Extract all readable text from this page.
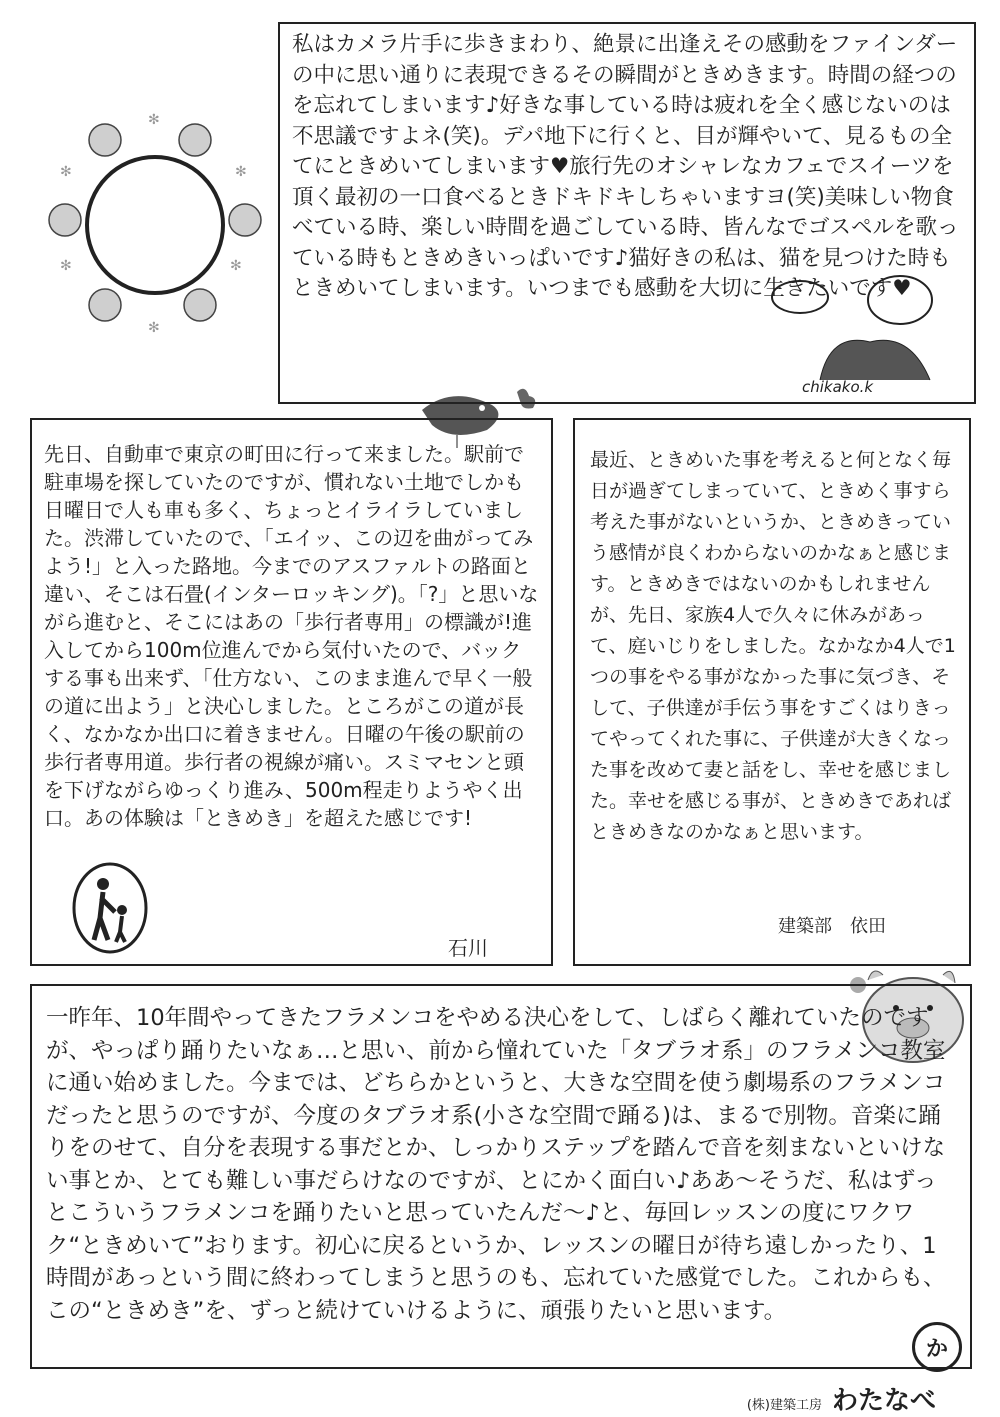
✻
✻	✻
✻	✻
✻
私はカメラ片手に歩きまわり、絶景に出逢えその感動をファインダーの中に思い通りに表現できるその瞬間がときめきます。時間の経つのを忘れてしまいます♪好きな事している時は疲れを全く感じないのは不思議ですよネ(笑)。デパ地下に行くと、目が輝やいて、見るもの全てにときめいてしまいます♥旅行先のオシャレなカフェでスイーツを頂く最初の一口食べるときドキドキしちゃいますヨ(笑)美味しい物食べている時、楽しい時間を過ごしている時、皆んなでゴスペルを歌っている時もときめきいっぱいです♪猫好きの私は、猫を見つけた時もときめいてしまいます。いつまでも感動を大切に生きたいです♥
chikako.k
先日、自動車で東京の町田に行って来ました。駅前で駐車場を探していたのですが、慣れない土地でしかも日曜日で人も車も多く、ちょっとイライラしていました。渋滞していたので、「エイッ、この辺を曲がってみよう!」と入った路地。今までのアスファルトの路面と違い、そこは石畳(インターロッキング)。「?」と思いながら進むと、そこにはあの「歩行者専用」の標識が!進入してから100m位進んでから気付いたので、バックする事も出来ず、「仕方ない、このまま進んで早く一般の道に出よう」と決心しました。ところがこの道が長く、なかなか出口に着きません。日曜の午後の駅前の歩行者専用道。歩行者の視線が痛い。スミマセンと頭を下げながらゆっくり進み、500m程走りようやく出口。あの体験は「ときめき」を超えた感じです!
石川
最近、ときめいた事を考えると何となく毎日が過ぎてしまっていて、ときめく事すら考えた事がないというか、ときめきっていう感情が良くわからないのかなぁと感じます。ときめきではないのかもしれませんが、先日、家族4人で久々に休みがあって、庭いじりをしました。なかなか4人で1つの事をやる事がなかった事に気づき、そして、子供達が手伝う事をすごくはりきってやってくれた事に、子供達が大きくなった事を改めて妻と話をし、幸せを感じました。幸せを感じる事が、ときめきであればときめきなのかなぁと思います。
建築部　依田
一昨年、10年間やってきたフラメンコをやめる決心をして、しばらく離れていたのですが、やっぱり踊りたいなぁ…と思い、前から憧れていた「タブラオ系」のフラメンコ教室に通い始めました。今までは、どちらかというと、大きな空間を使う劇場系のフラメンコだったと思うのですが、今度のタブラオ系(小さな空間で踊る)は、まるで別物。音楽に踊りをのせて、自分を表現する事だとか、しっかりステップを踏んで音を刻まないといけない事とか、とても難しい事だらけなのですが、とにかく面白い♪ああ～そうだ、私はずっとこういうフラメンコを踊りたいと思っていたんだ～♪と、毎回レッスンの度にワクワク“ときめいて”おります。初心に戻るというか、レッスンの曜日が待ち遠しかったり、1時間があっという間に終わってしまうと思うのも、忘れていた感覚でした。これからも、この“ときめき”を、ずっと続けていけるように、頑張りたいと思います。
か
(株)建築工房 わたなべ
